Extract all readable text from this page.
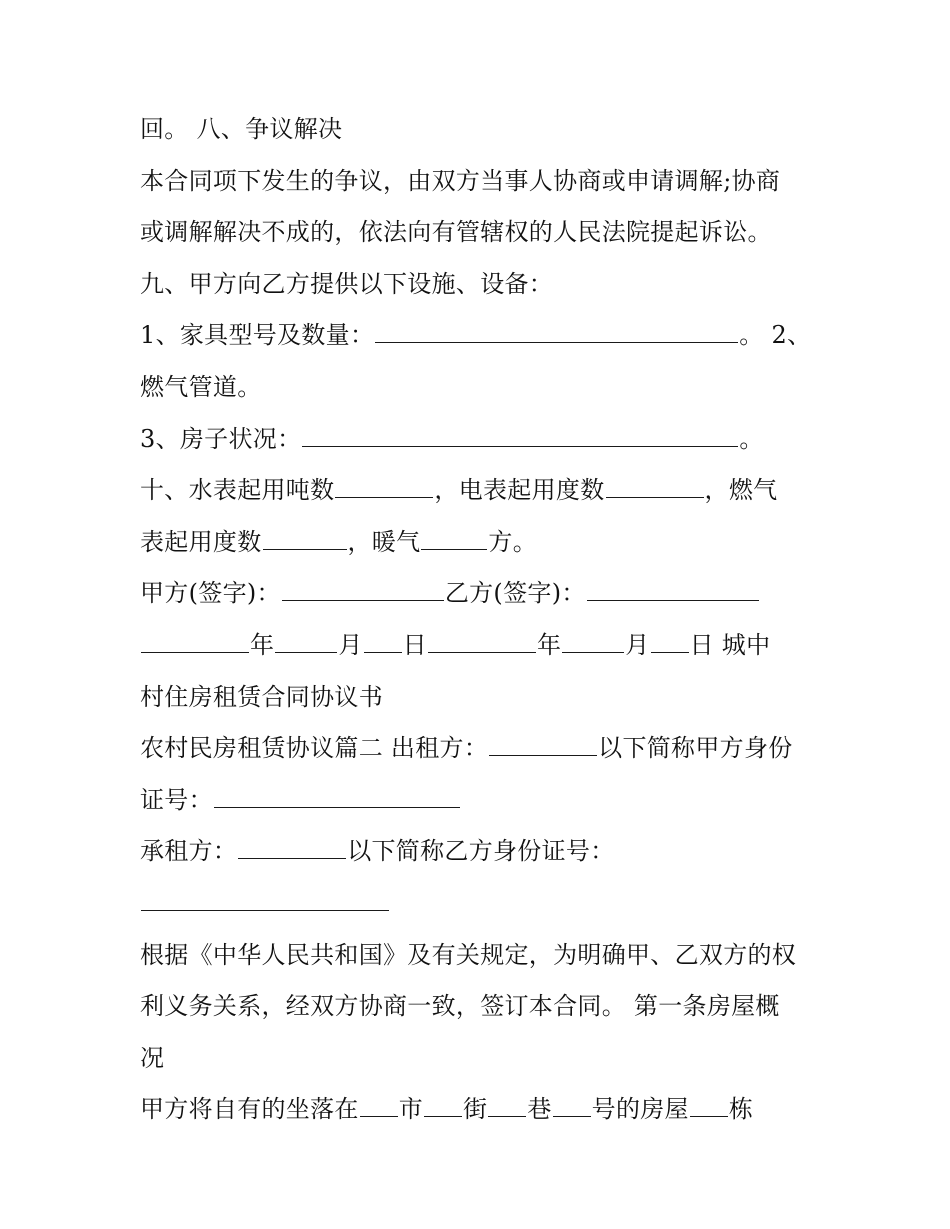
回。 八、争议解决
本合同项下发生的争议，由双方当事人协商或申请调解;协商
或调解解决不成的，依法向有管辖权的人民法院提起诉讼。
九、甲方向乙方提供以下设施、设备：
1、家具型号及数量：	。 2、
燃气管道。
3、房子状况：	。
十、水表起用吨数	，电表起用度数	，燃气
表起用度数	，暖气	方。
甲方(签字)：	乙方(签字)：
年	月 日	年	月 日 城中
村住房租赁合同协议书
农村民房租赁协议篇二 出租方：	以下简称甲方身份
证号：
承租方：	以下简称乙方身份证号：
根据《中华人民共和国》及有关规定，为明确甲、乙双方的权
利义务关系，经双方协商一致，签订本合同。 第一条房屋概
况
甲方将自有的坐落在 市 街 巷 号的房屋 栋
